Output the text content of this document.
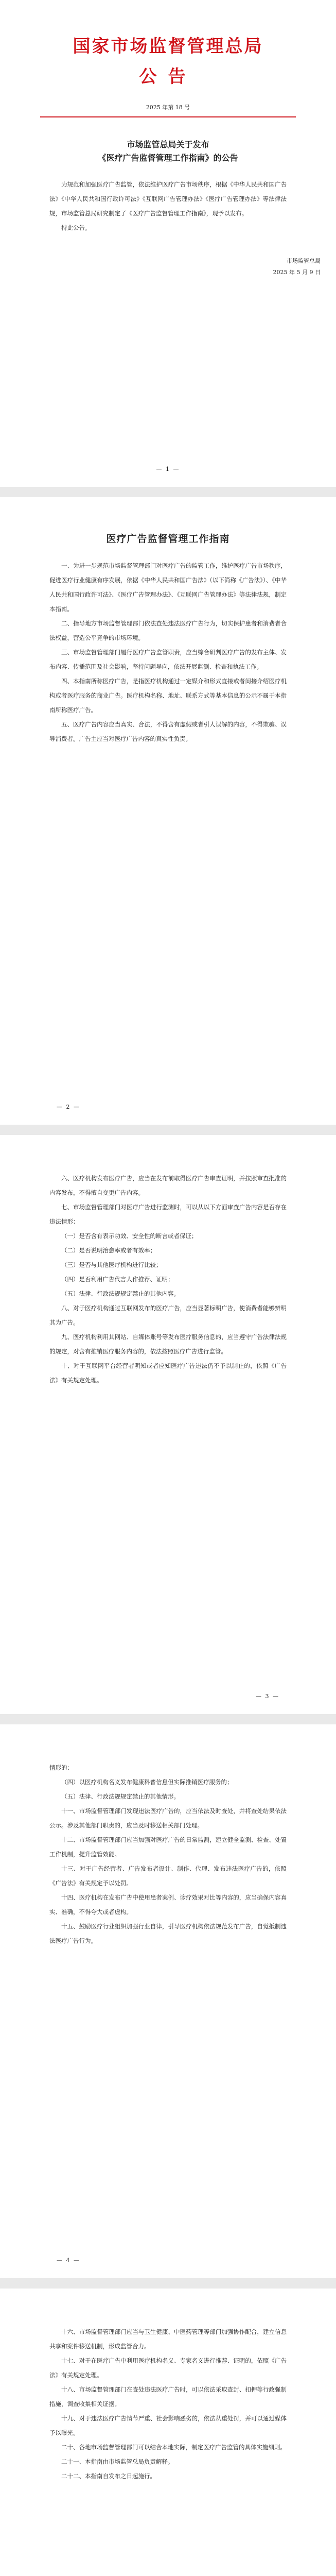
国家市场监督管理总局
公告
2025 年第 18 号
市场监管总局关于发布
《医疗广告监督管理工作指南》的公告

为规范和加强医疗广告监管，依法维护医疗广告市场秩序，根据《中华人民共和国广告法》《中华人民共和国行政许可法》《互联网广告管理办法》《医疗广告管理办法》等法律法规，市场监管总局研究制定了《医疗广告监督管理工作指南》，现予以发布。

特此公告。

市场监管总局
2025 年 5 月 9 日
— 1 —
医疗广告监督管理工作指南

一、为进一步规范市场监督管理部门对医疗广告的监管工作，维护医疗广告市场秩序，促进医疗行业健康有序发展，依据《中华人民共和国广告法》（以下简称《广告法》）、《中华人民共和国行政许可法》、《医疗广告管理办法》、《互联网广告管理办法》等法律法规，制定本指南。

二、指导地方市场监督管理部门依法查处违法医疗广告行为，切实保护患者和消费者合法权益，营造公平竞争的市场环境。

三、市场监督管理部门履行医疗广告监管职责，应当综合研判医疗广告的发布主体、发布内容、传播范围及社会影响，坚持问题导向，依法开展监测、检查和执法工作。

四、本指南所称医疗广告，是指医疗机构通过一定媒介和形式直接或者间接介绍医疗机构或者医疗服务的商业广告。医疗机构名称、地址、联系方式等基本信息的公示不属于本指南所称医疗广告。

五、医疗广告内容应当真实、合法，不得含有虚假或者引人误解的内容，不得欺骗、误导消费者。广告主应当对医疗广告内容的真实性负责。

— 2 —

六、医疗机构发布医疗广告，应当在发布前取得医疗广告审查证明，并按照审查批准的内容发布，不得擅自变更广告内容。

七、市场监督管理部门对医疗广告进行监测时，可以从以下方面审查广告内容是否存在违法情形：

（一）是否含有表示功效、安全性的断言或者保证；
（二）是否说明治愈率或者有效率；
（三）是否与其他医疗机构进行比较；
（四）是否利用广告代言人作推荐、证明；
（五）法律、行政法规规定禁止的其他内容。

八、对于医疗机构通过互联网发布的医疗广告，应当显著标明广告，使消费者能够辨明其为广告。

九、医疗机构利用其网站、自媒体账号等发布医疗服务信息的，应当遵守广告法律法规的规定，对含有推销医疗服务内容的，依法按照医疗广告进行监管。

十、对于互联网平台经营者明知或者应知医疗广告违法仍不予以制止的，依照《广告法》有关规定处理。

— 3 —

情形的：

（四）以医疗机构名义发布健康科普信息但实际推销医疗服务的；

（五）法律、行政法规规定禁止的其他情形。

十一、市场监督管理部门发现违法医疗广告的，应当依法及时查处，并将查处结果依法公示。涉及其他部门职责的，应当及时移送相关部门处理。

十二、市场监督管理部门应当加强对医疗广告的日常监测，建立健全监测、检查、处置工作机制，提升监管效能。

十三、对于广告经营者、广告发布者设计、制作、代理、发布违法医疗广告的，依照《广告法》有关规定予以处罚。

十四、医疗机构在发布广告中使用患者案例、诊疗效果对比等内容的，应当确保内容真实、准确，不得夸大或者虚构。

十五、鼓励医疗行业组织加强行业自律，引导医疗机构依法规范发布广告，自觉抵制违法医疗广告行为。

— 4 —

十六、市场监督管理部门应当与卫生健康、中医药管理等部门加强协作配合，建立信息共享和案件移送机制，形成监管合力。

十七、对于在医疗广告中利用医疗机构名义、专家名义进行推荐、证明的，依照《广告法》有关规定处理。

十八、市场监督管理部门在查处违法医疗广告时，可以依法采取查封、扣押等行政强制措施，调查收集相关证据。

十九、对于违法医疗广告情节严重、社会影响恶劣的，依法从重处罚，并可以通过媒体予以曝光。

二十、各地市场监督管理部门可以结合本地实际，制定医疗广告监管的具体实施细则。

二十一、本指南由市场监管总局负责解释。

二十二、本指南自发布之日起施行。
